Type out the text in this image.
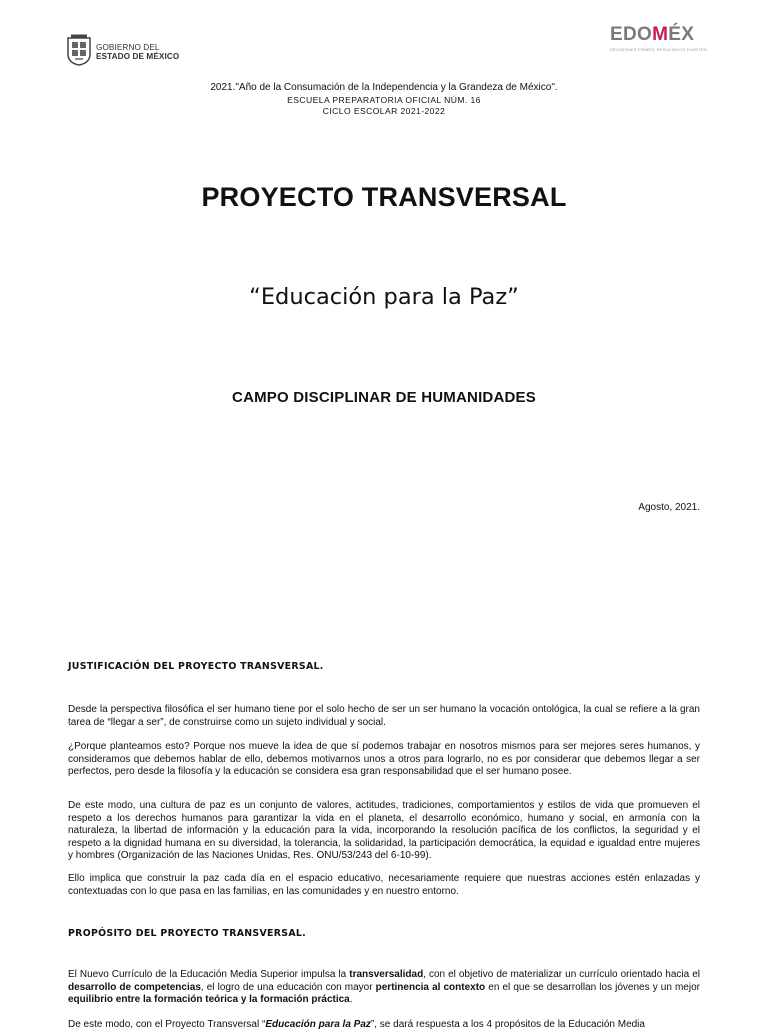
GOBIERNO DEL
ESTADO DE MÉXICO
EDOMÉX
DECISIONES FIRMES, RESULTADOS FUERTES.
2021."Año de la Consumación de la Independencia y la Grandeza de México".
ESCUELA PREPARATORIA OFICIAL NÚM. 16
CICLO ESCOLAR 2021-2022
PROYECTO TRANSVERSAL
“Educación para la Paz”
CAMPO DISCIPLINAR DE HUMANIDADES
Agosto, 2021.
JUSTIFICACIÓN DEL PROYECTO TRANSVERSAL.

Desde la perspectiva filosófica el ser humano tiene por el solo hecho de ser un ser humano la vocación ontológica, la cual se refiere a la gran tarea de “llegar a ser”, de construirse como un sujeto individual y social.

¿Porque planteamos esto? Porque nos mueve la idea de que sí podemos trabajar en nosotros mismos para ser mejores seres humanos, y consideramos que debemos hablar de ello, debemos motivarnos unos a otros para lograrlo, no es por considerar que debemos llegar a ser perfectos, pero desde la filosofía y la educación se considera esa gran responsabilidad que el ser humano posee.

De este modo, una cultura de paz es un conjunto de valores, actitudes, tradiciones, comportamientos y estilos de vida que promueven el respeto a los derechos humanos para garantizar la vida en el planeta, el desarrollo económico, humano y social, en armonía con la naturaleza, la libertad de información y la educación para la vida, incorporando la resolución pacífica de los conflictos, la seguridad y el respeto a la dignidad humana en su diversidad, la tolerancia, la solidaridad, la participación democrática, la equidad e igualdad entre mujeres y hombres (Organización de las Naciones Unidas, Res. ONU/53/243 del 6-10-99).

Ello implica que construir la paz cada día en el espacio educativo, necesariamente requiere que nuestras acciones estén enlazadas y contextuadas con lo que pasa en las familias, en las comunidades y en nuestro entorno.

PROPÓSITO DEL PROYECTO TRANSVERSAL.

El Nuevo Currículo de la Educación Media Superior impulsa la transversalidad, con el objetivo de materializar un currículo orientado hacia el desarrollo de competencias, el logro de una educación con mayor pertinencia al contexto en el que se desarrollan los jóvenes y un mejor equilibrio entre la formación teórica y la formación práctica.

De este modo, con el Proyecto Transversal “Educación para la Paz”, se dará respuesta a los 4 propósitos de la Educación Media
